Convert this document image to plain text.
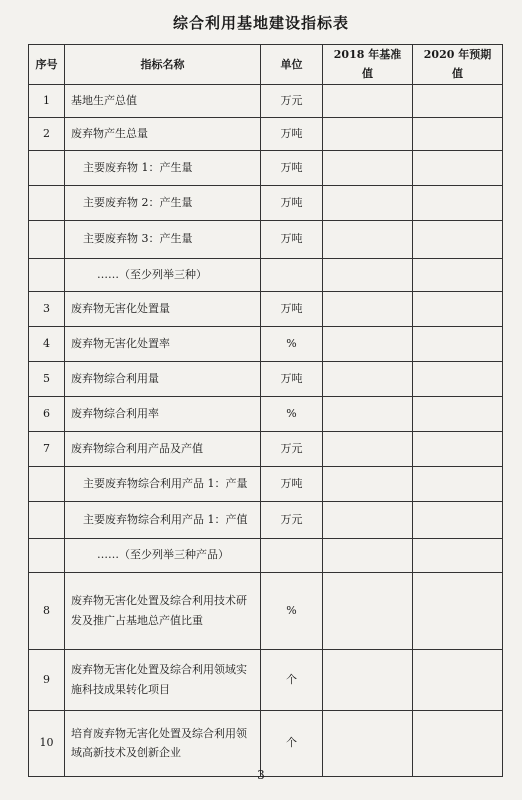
综合利用基地建设指标表
序号	指标名称	单位	2018 年基准值	2020 年预期值
1	基地生产总值	万元		
2	废弃物产生总量	万吨		
	主要废弃物 1：产生量	万吨		
	主要废弃物 2：产生量	万吨		
	主要废弃物 3：产生量	万吨		
	……（至少列举三种）			
3	废弃物无害化处置量	万吨		
4	废弃物无害化处置率	%		
5	废弃物综合利用量	万吨		
6	废弃物综合利用率	%		
7	废弃物综合利用产品及产值	万元		
	主要废弃物综合利用产品 1：产量	万吨		
	主要废弃物综合利用产品 1：产值	万元		
	……（至少列举三种产品）			
8	废弃物无害化处置及综合利用技术研发及推广占基地总产值比重	%		
9	废弃物无害化处置及综合利用领域实施科技成果转化项目	个		
10	培育废弃物无害化处置及综合利用领域高新技术及创新企业	个		
3
